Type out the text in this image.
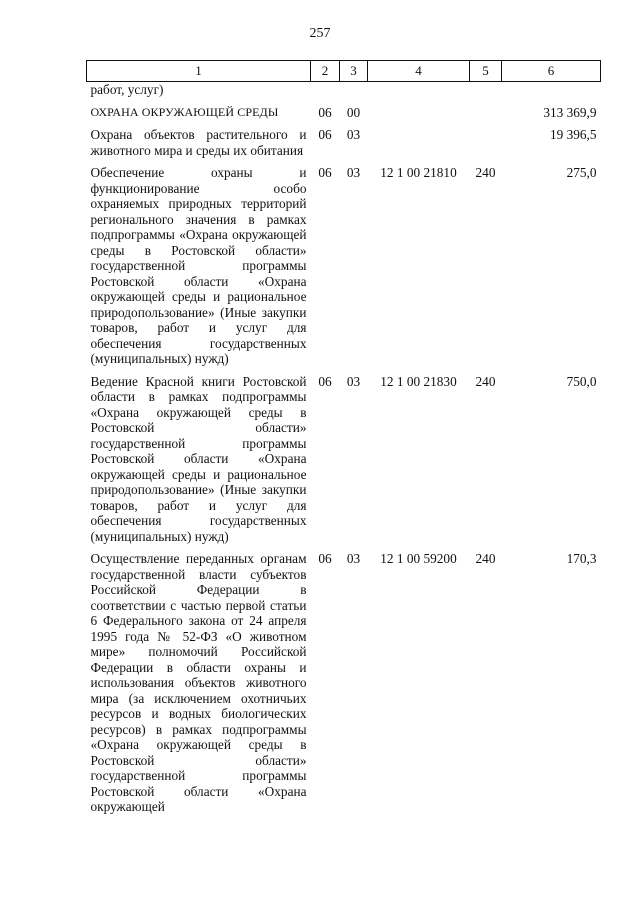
257
1	2	3	4	5	6
работ, услуг)					
ОХРАНА ОКРУЖАЮЩЕЙ СРЕДЫ	06	00			313 369,9
Охрана объектов растительного и животного мира и среды их обитания	06	03			19 396,5
Обеспечение охраны и функционирование особо охраняемых природных территорий регионального значения в рамках подпрограммы «Охрана окружающей среды в Ростовской области» государственной программы Ростовской области «Охрана окружающей среды и рациональное природопользование» (Иные закупки товаров, работ и услуг для обеспечения государственных (муниципальных) нужд)	06	03	12 1 00 21810	240	275,0
Ведение Красной книги Ростовской области в рамках подпрограммы «Охрана окружающей среды в Ростовской области» государственной программы Ростовской области «Охрана окружающей среды и рациональное природопользование» (Иные закупки товаров, работ и услуг для обеспечения государственных (муниципальных) нужд)	06	03	12 1 00 21830	240	750,0
Осуществление переданных органам государственной власти субъектов Российской Федерации в соответствии с частью первой статьи 6 Федерального закона от 24 апреля 1995 года № 52-ФЗ «О животном мире» полномочий Российской Федерации в области охраны и использования объектов животного мира (за исключением охотничьих ресурсов и водных биологических ресурсов) в рамках подпрограммы «Охрана окружающей среды в Ростовской области» государственной программы Ростовской области «Охрана окружающей	06	03	12 1 00 59200	240	170,3
